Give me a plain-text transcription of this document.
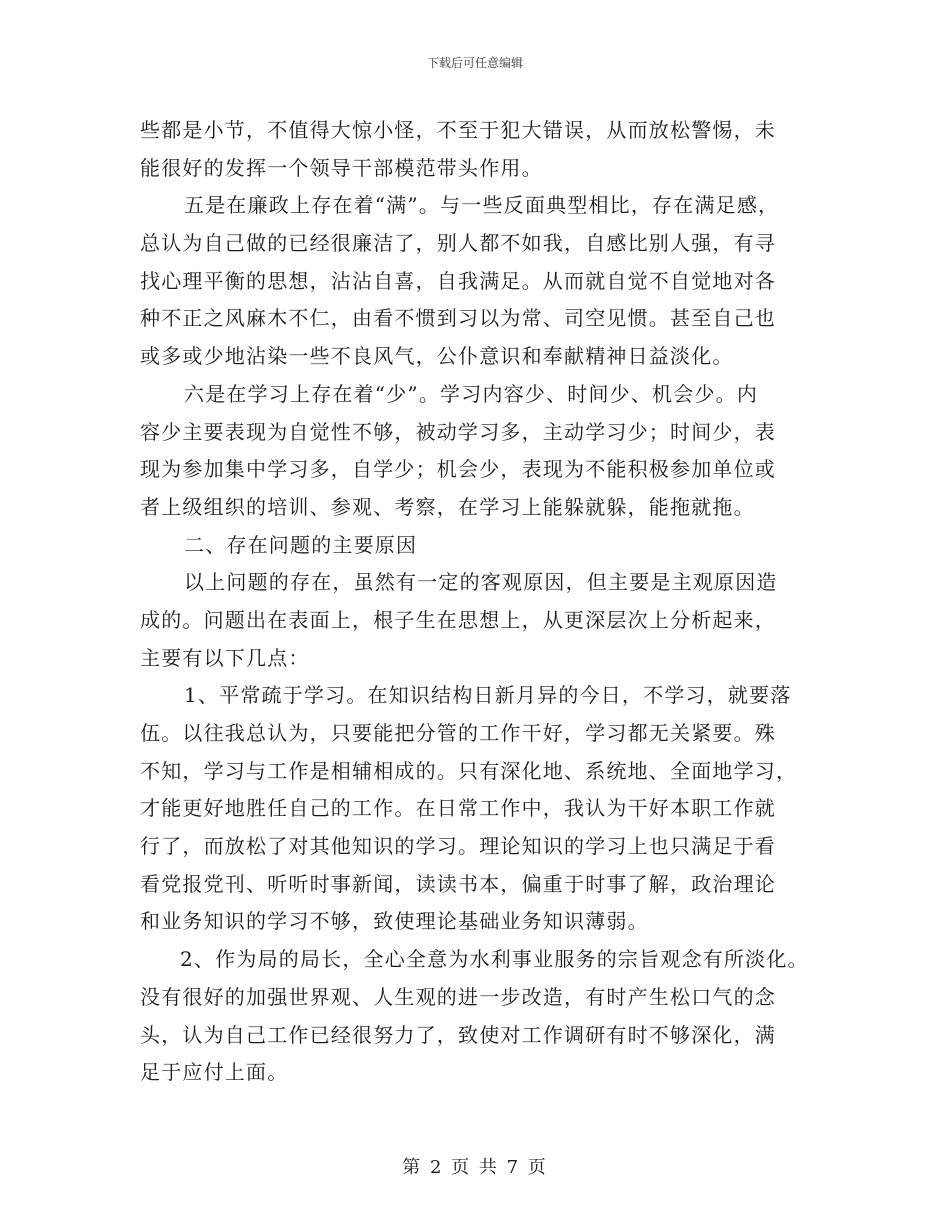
下载后可任意编辑
些都是小节，不值得大惊小怪，不至于犯大错误，从而放松警惕，未
能很好的发挥一个领导干部模范带头作用。
五是在廉政上存在着“满”。与一些反面典型相比，存在满足感，
总认为自己做的已经很廉洁了，别人都不如我，自感比别人强，有寻
找心理平衡的思想，沾沾自喜，自我满足。从而就自觉不自觉地对各
种不正之风麻木不仁，由看不惯到习以为常、司空见惯。甚至自己也
或多或少地沾染一些不良风气，公仆意识和奉献精神日益淡化。
六是在学习上存在着“少”。学习内容少、时间少、机会少。内
容少主要表现为自觉性不够，被动学习多，主动学习少；时间少，表
现为参加集中学习多，自学少；机会少，表现为不能积极参加单位或
者上级组织的培训、参观、考察，在学习上能躲就躲，能拖就拖。
二、存在问题的主要原因
以上问题的存在，虽然有一定的客观原因，但主要是主观原因造
成的。问题出在表面上，根子生在思想上，从更深层次上分析起来，
主要有以下几点：
1、平常疏于学习。在知识结构日新月异的今日，不学习，就要落
伍。以往我总认为，只要能把分管的工作干好，学习都无关紧要。殊
不知，学习与工作是相辅相成的。只有深化地、系统地、全面地学习，
才能更好地胜任自己的工作。在日常工作中，我认为干好本职工作就
行了，而放松了对其他知识的学习。理论知识的学习上也只满足于看
看党报党刊、听听时事新闻，读读书本，偏重于时事了解，政治理论
和业务知识的学习不够，致使理论基础业务知识薄弱。
2、作为局的局长，全心全意为水利事业服务的宗旨观念有所淡化。
没有很好的加强世界观、人生观的进一步改造，有时产生松口气的念
头，认为自己工作已经很努力了，致使对工作调研有时不够深化，满
足于应付上面。
第 2 页 共 7 页
